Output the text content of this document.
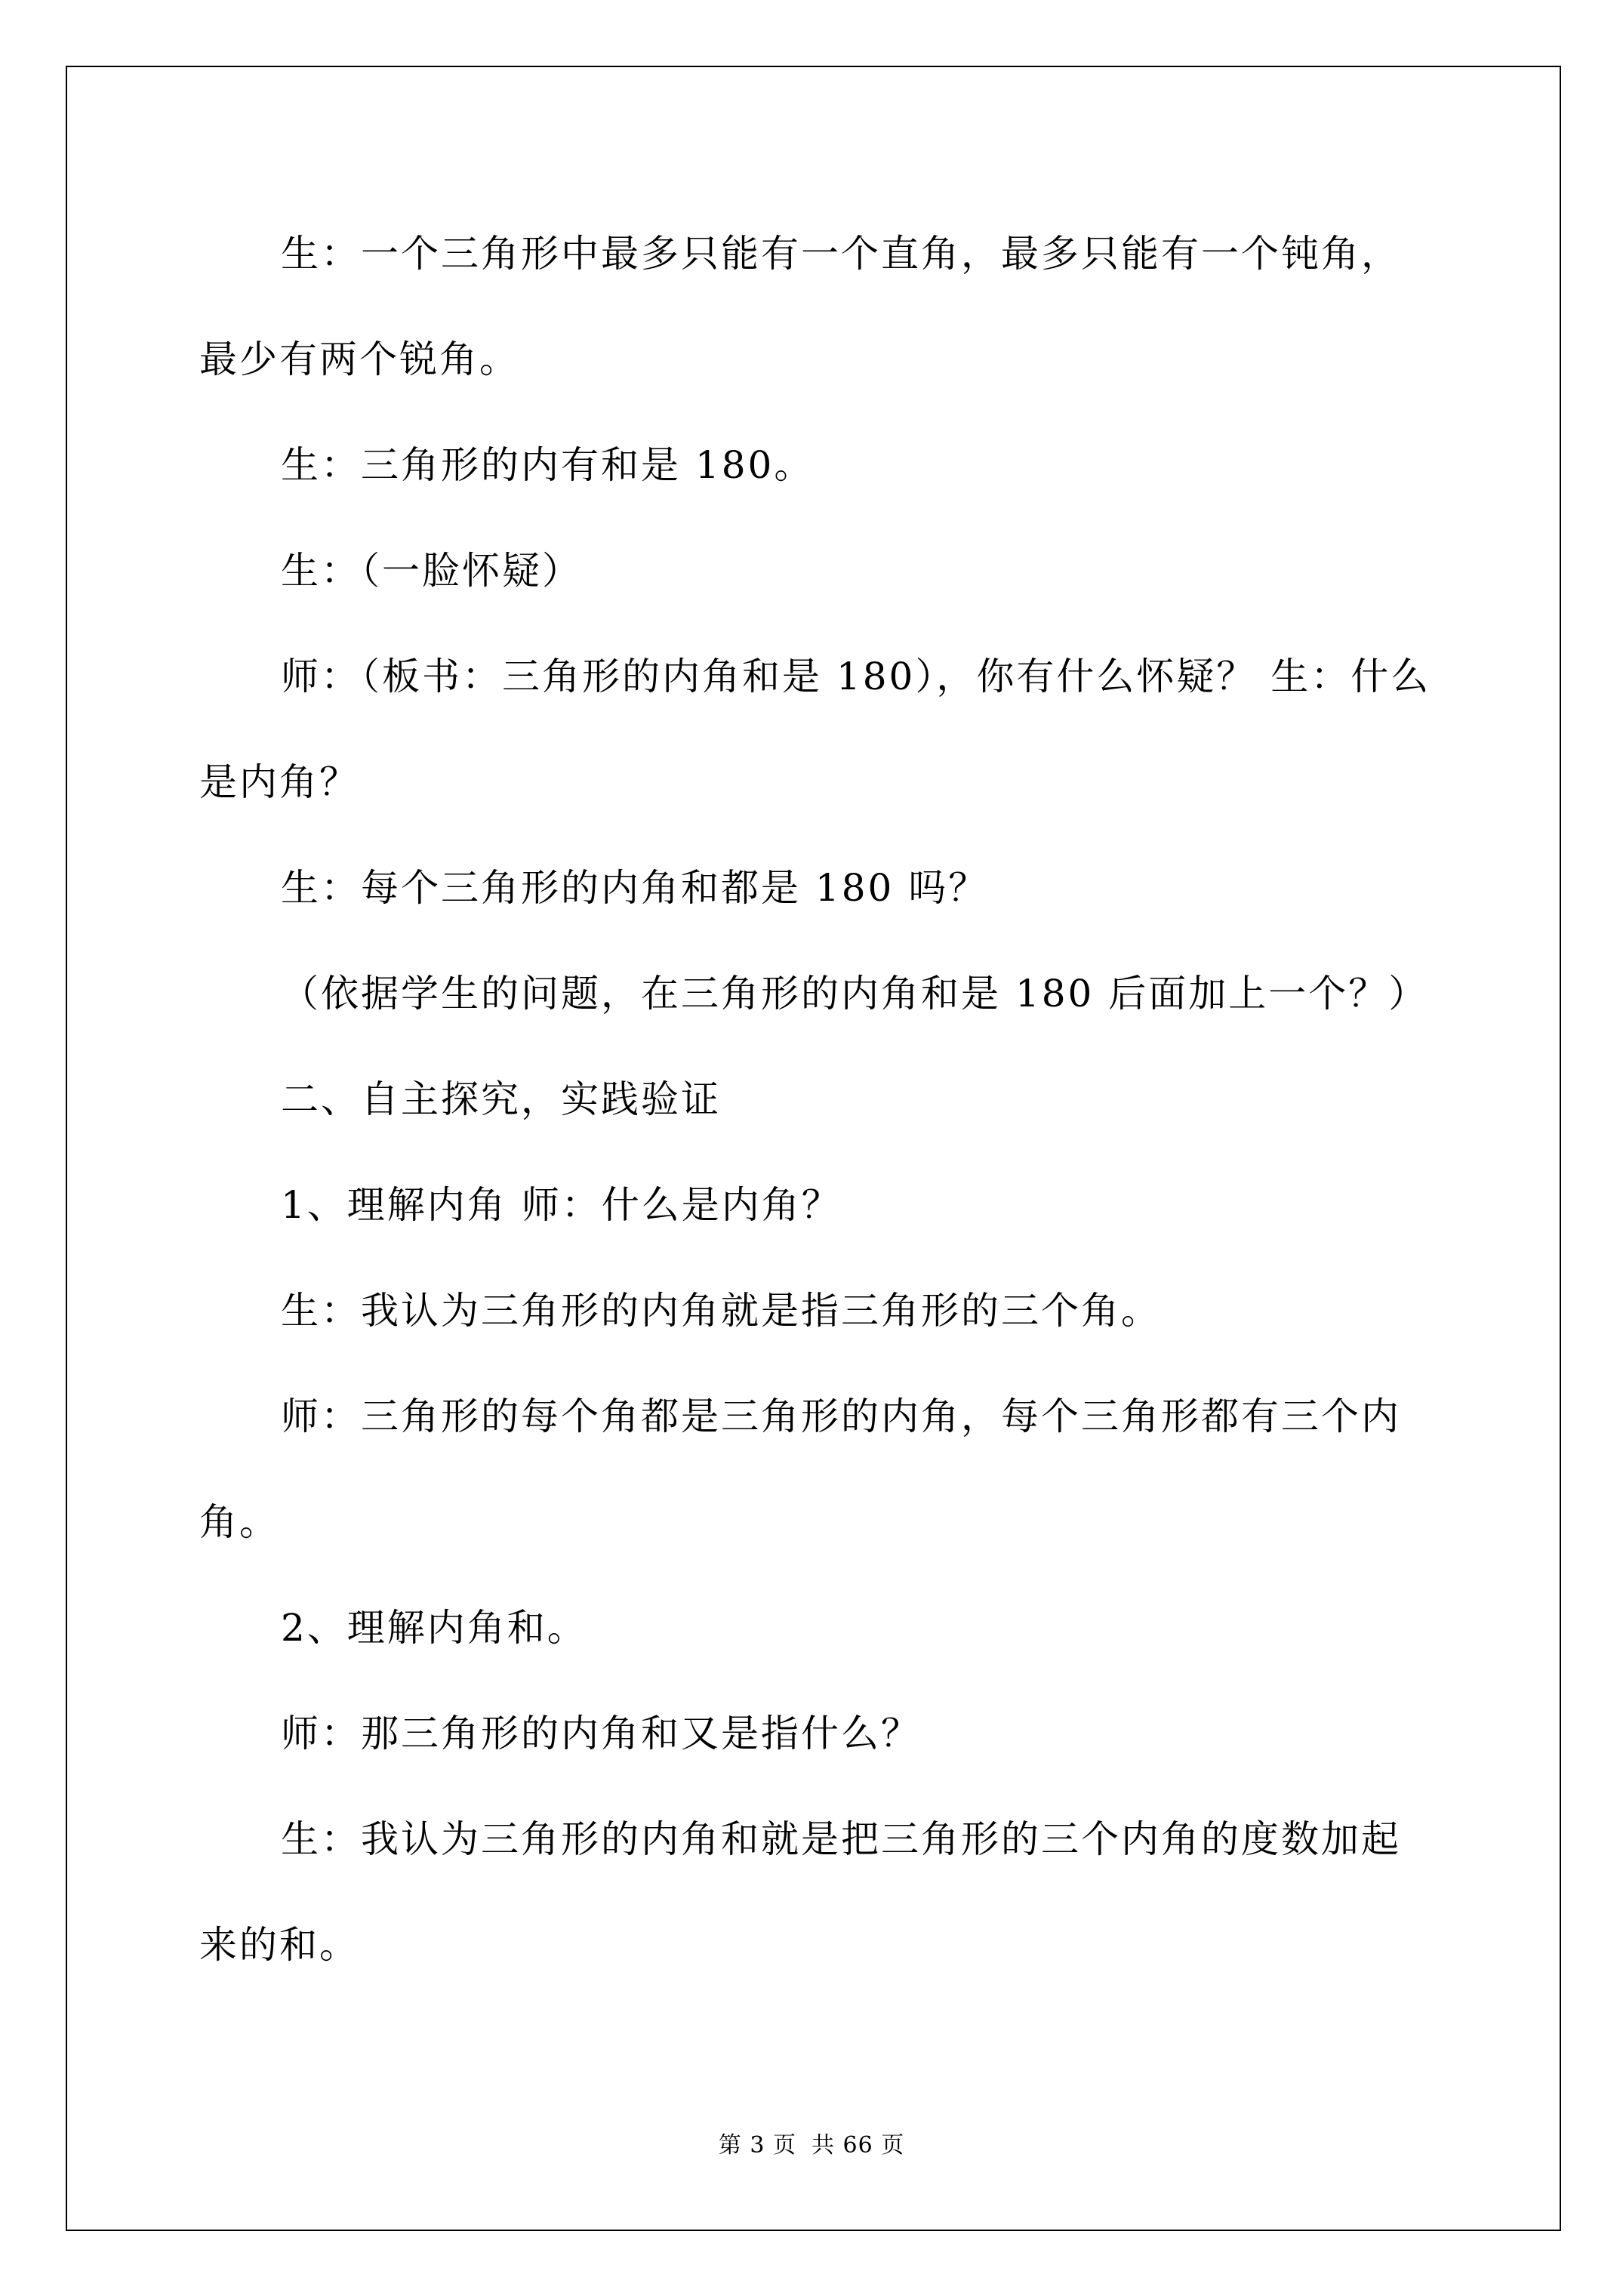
生：一个三角形中最多只能有一个直角，最多只能有一个钝角，
最少有两个锐角。
生：三角形的内有和是 180。
生：（一脸怀疑）
师：（板书：三角形的内角和是 180），你有什么怀疑？ 生：什么
是内角？
生：每个三角形的内角和都是 180 吗？
（依据学生的问题，在三角形的内角和是 180 后面加上一个？）
二、自主探究，实践验证
1、理解内角 师：什么是内角？
生：我认为三角形的内角就是指三角形的三个角。
师：三角形的每个角都是三角形的内角，每个三角形都有三个内
角。
2、理解内角和。
师：那三角形的内角和又是指什么？
生：我认为三角形的内角和就是把三角形的三个内角的度数加起
来的和。
第 3 页 共 66 页
